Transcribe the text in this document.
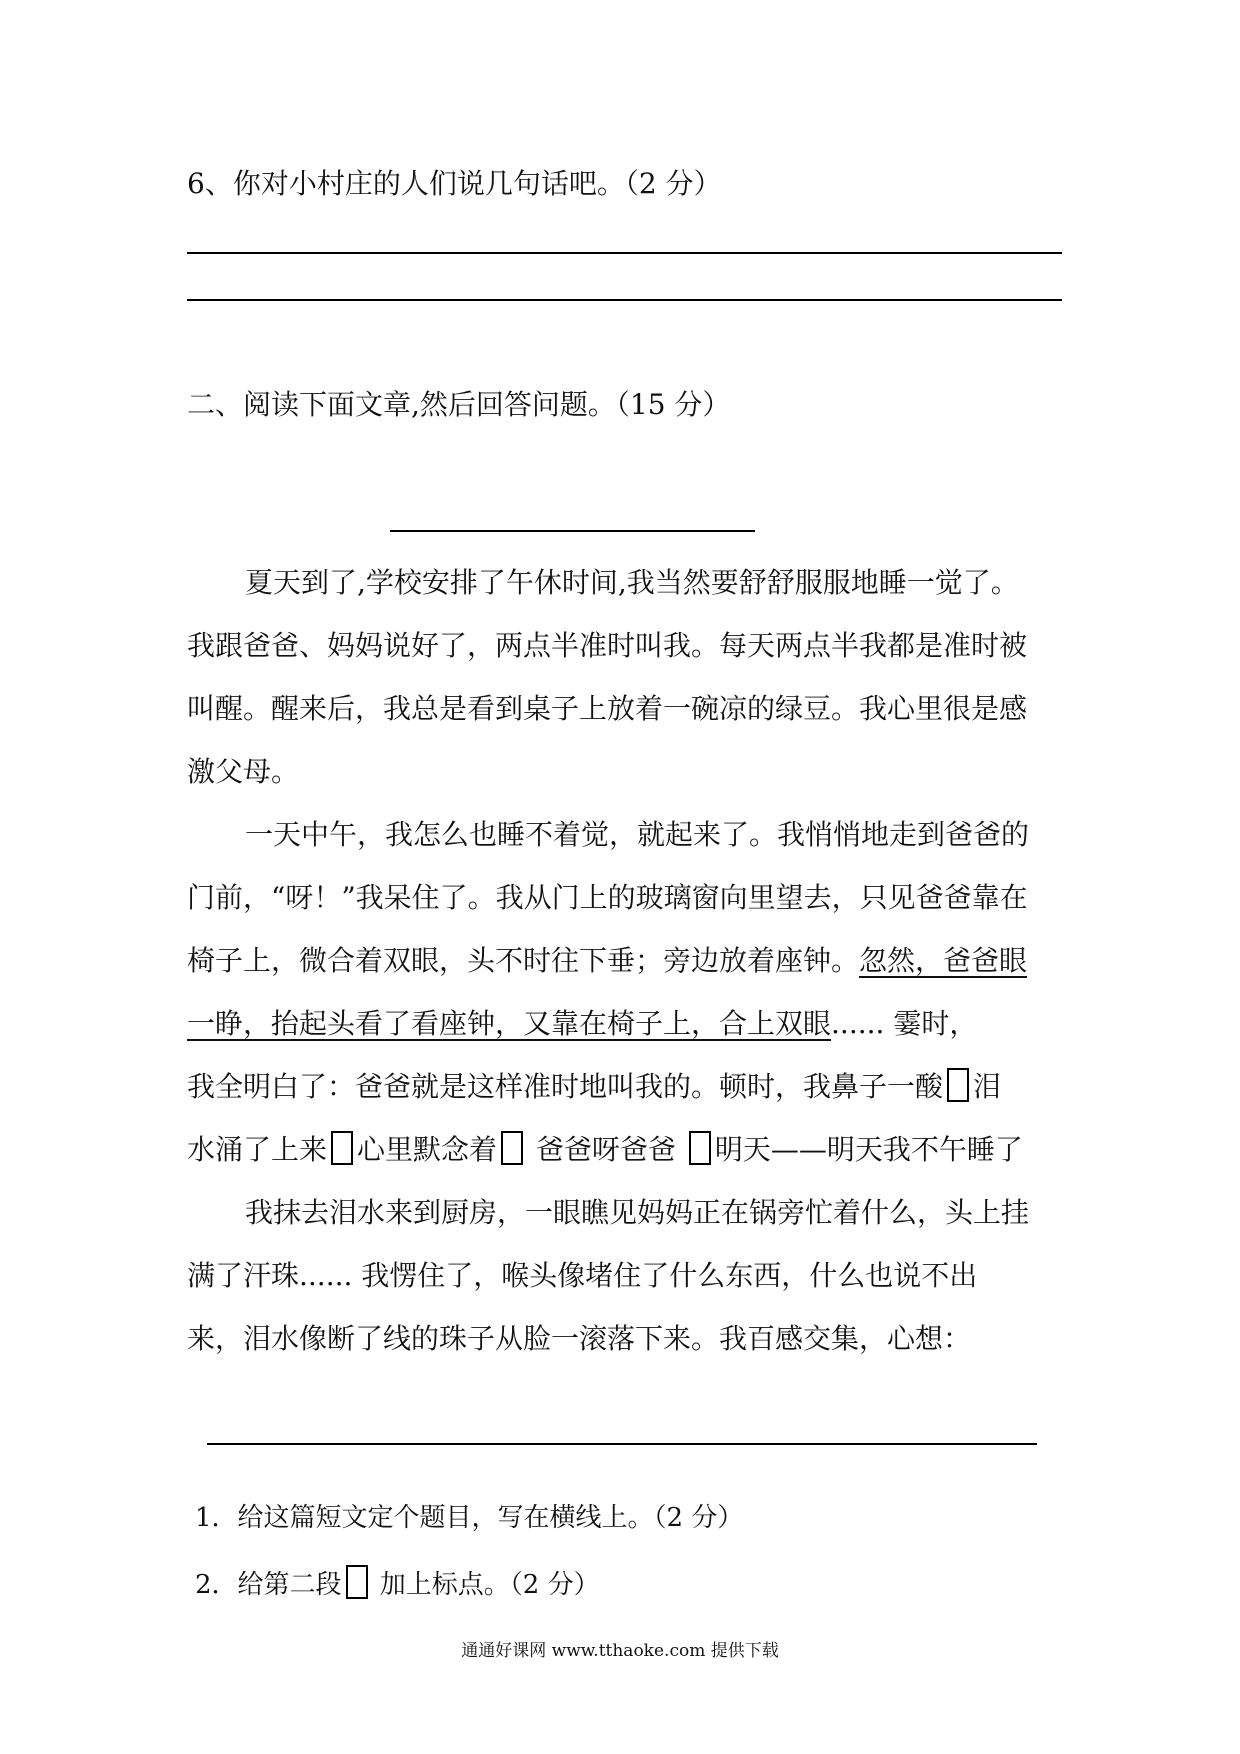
6、你对小村庄的人们说几句话吧。（2 分）
二、阅读下面文章,然后回答问题。（15 分）
夏天到了,学校安排了午休时间,我当然要舒舒服服地睡一觉了。
我跟爸爸、妈妈说好了，两点半准时叫我。每天两点半我都是准时被
叫醒。醒来后，我总是看到桌子上放着一碗凉的绿豆。我心里很是感
激父母。
一天中午，我怎么也睡不着觉，就起来了。我悄悄地走到爸爸的
门前，“呀！”我呆住了。我从门上的玻璃窗向里望去，只见爸爸靠在
椅子上，微合着双眼，头不时往下垂；旁边放着座钟。忽然，爸爸眼
一睁，抬起头看了看座钟，又靠在椅子上，合上双眼...... 霎时，
我全明白了：爸爸就是这样准时地叫我的。顿时，我鼻子一酸 泪
水涌了上来 心里默念着 爸爸呀爸爸 明天——明天我不午睡了
我抹去泪水来到厨房，一眼瞧见妈妈正在锅旁忙着什么，头上挂
满了汗珠...... 我愣住了，喉头像堵住了什么东西，什么也说不出
来，泪水像断了线的珠子从脸一滚落下来。我百感交集，心想：
1．给这篇短文定个题目，写在横线上。（2 分）
2．给第二段 加上标点。（2 分）
通通好课网 www.tthaoke.com 提供下载
